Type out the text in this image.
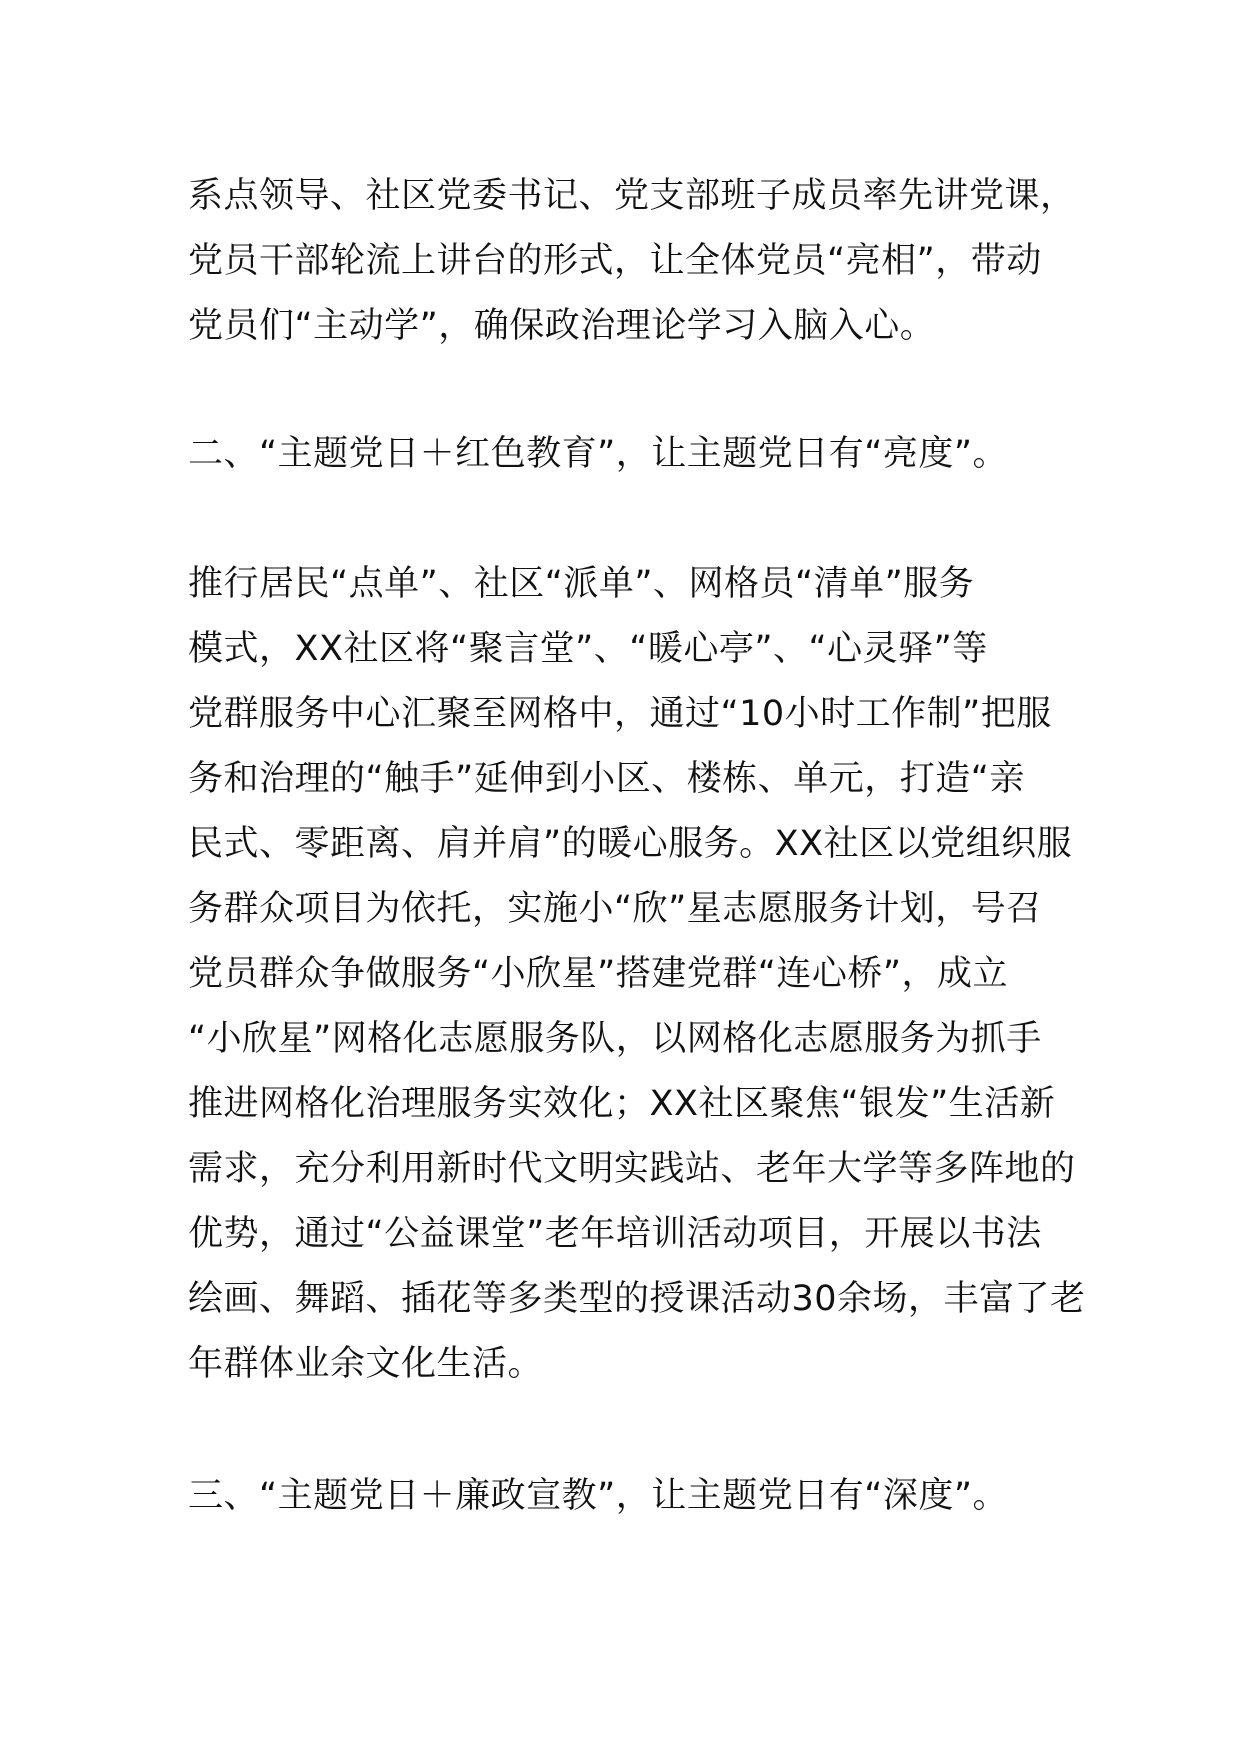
系点领导、社区党委书记、党支部班子成员率先讲党课，
党员干部轮流上讲台的形式，让全体党员“亮相”，带动
党员们“主动学”，确保政治理论学习入脑入心。
二、“主题党日＋红色教育”，让主题党日有“亮度”。
推行居民“点单”、社区“派单”、网格员“清单”服务
模式，XX社区将“聚言堂”、“暖心亭”、“心灵驿”等
党群服务中心汇聚至网格中，通过“10小时工作制”把服
务和治理的“触手”延伸到小区、楼栋、单元，打造“亲
民式、零距离、肩并肩”的暖心服务。XX社区以党组织服
务群众项目为依托，实施小“欣”星志愿服务计划，号召
党员群众争做服务“小欣星”搭建党群“连心桥”，成立
“小欣星”网格化志愿服务队，以网格化志愿服务为抓手
推进网格化治理服务实效化；XX社区聚焦“银发”生活新
需求，充分利用新时代文明实践站、老年大学等多阵地的
优势，通过“公益课堂”老年培训活动项目，开展以书法
绘画、舞蹈、插花等多类型的授课活动30余场，丰富了老
年群体业余文化生活。
三、“主题党日＋廉政宣教”，让主题党日有“深度”。
